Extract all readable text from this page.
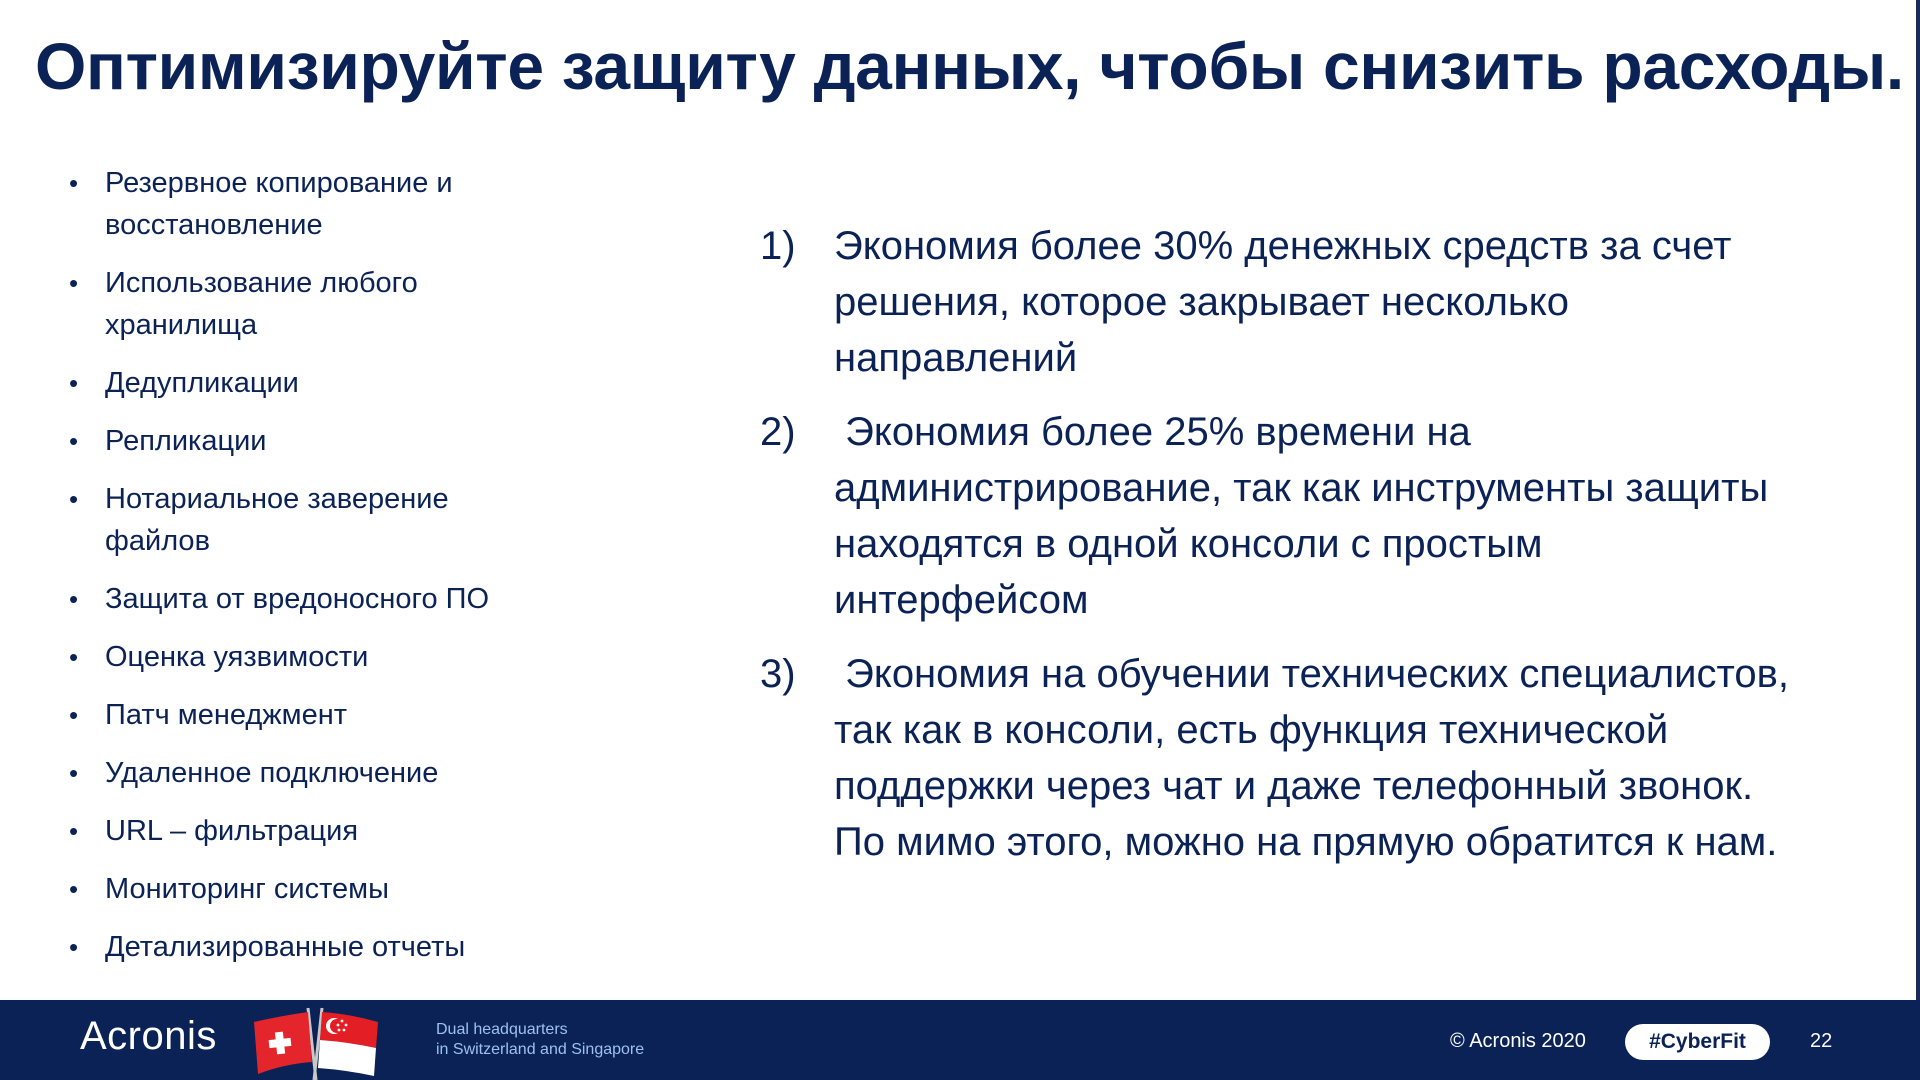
Оптимизируйте защиту данных, чтобы снизить расходы.
• Резервное копирование и
восстановление
• Использование любого
хранилища
• Дедупликации
• Репликации
• Нотариальное заверение
файлов
• Защита от вредоносного ПО
• Оценка уязвимости
• Патч менеджмент
• Удаленное подключение
• URL – фильтрация
• Мониторинг системы
• Детализированные отчеты
1) Экономия более 30% денежных средств за счет
решения, которое закрывает несколько
направлений
2) Экономия более 25% времени на
администрирование, так как инструменты защиты
находятся в одной консоли с простым
интерфейсом
3) Экономия на обучении технических специалистов,
так как в консоли, есть функция технической
поддержки через чат и даже телефонный звонок.
По мимо этого, можно на прямую обратится к нам.
Acronis	Dual headquarters
in Switzerland and Singapore	© Acronis 2020	#CyberFit	22
